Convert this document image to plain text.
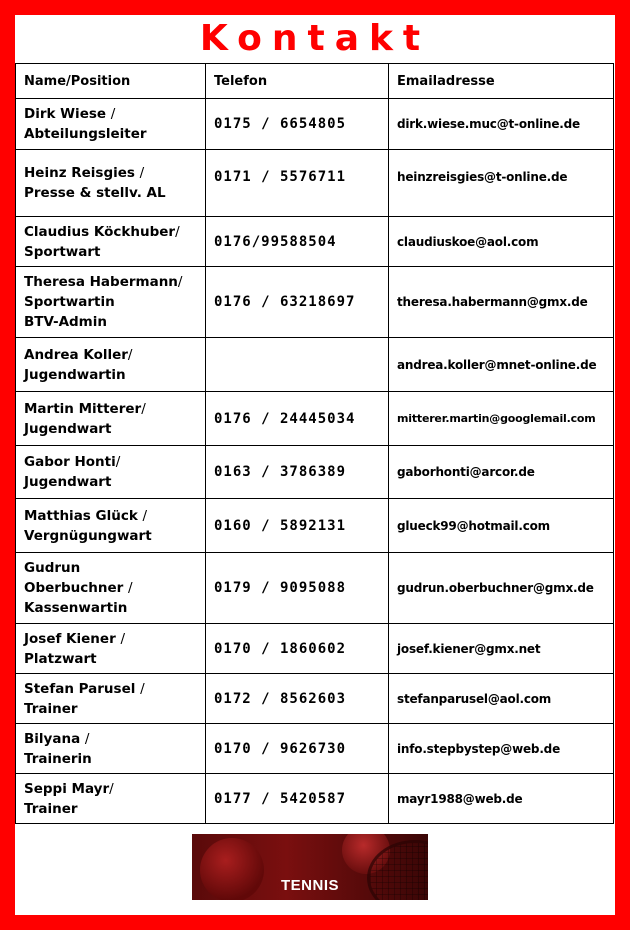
Kontakt
Name/Position	Telefon	Emailadresse
Dirk Wiese /
Abteilungsleiter	0175 / 6654805	dirk.wiese.muc@t-online.de
Heinz Reisgies /
Presse & stellv. AL	0171 / 5576711	heinzreisgies@t-online.de

Claudius Köckhuber/
Sportwart	0176/99588504	claudiuskoe@aol.com
Theresa Habermann/
Sportwartin
BTV-Admin	0176 / 63218697	theresa.habermann@gmx.de
Andrea Koller/
Jugendwartin		andrea.koller@mnet-online.de
Martin Mitterer/
Jugendwart	0176 / 24445034	mitterer.martin@googlemail.com
Gabor Honti/
Jugendwart	0163 / 3786389	gaborhonti@arcor.de
Matthias Glück /
Vergnügungwart	0160 / 5892131	glueck99@hotmail.com
Gudrun
Oberbuchner /
Kassenwartin	0179 / 9095088	gudrun.oberbuchner@gmx.de
Josef Kiener /
Platzwart	0170 / 1860602	josef.kiener@gmx.net
Stefan Parusel /
Trainer	0172 / 8562603	stefanparusel@aol.com
Bilyana /
Trainerin	0170 / 9626730	info.stepbystep@web.de
Seppi Mayr/
Trainer	0177 / 5420587	mayr1988@web.de
TENNIS
